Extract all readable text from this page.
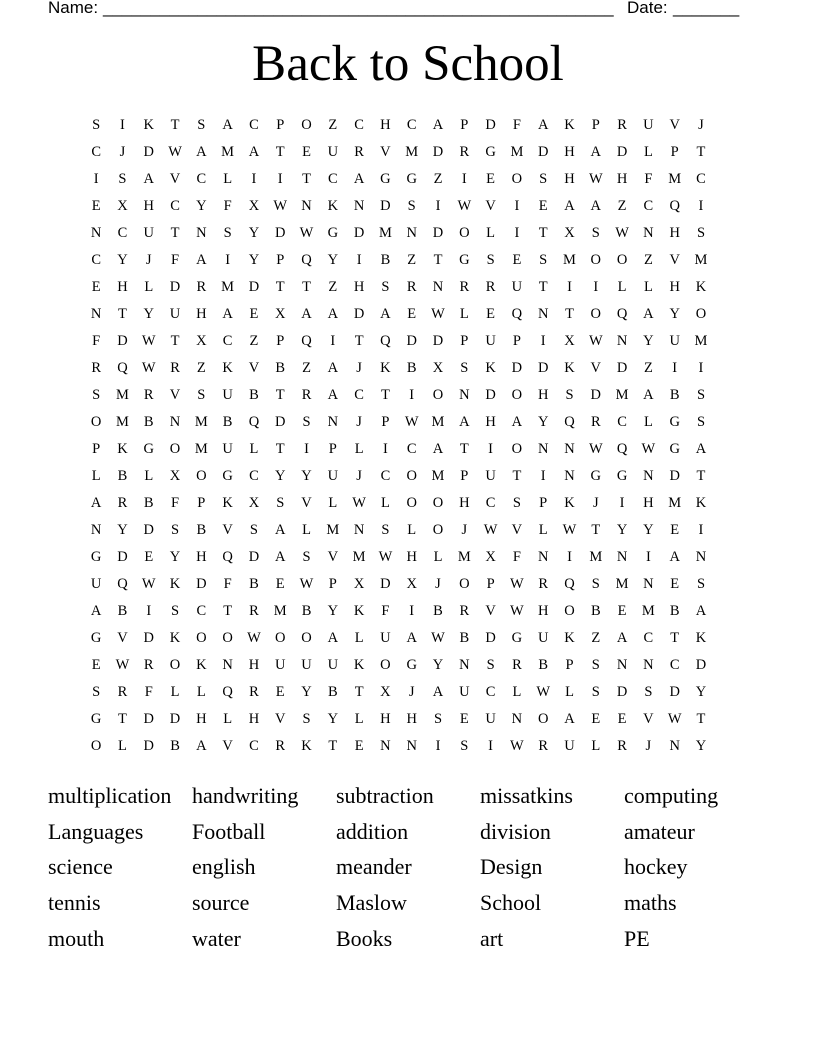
Name: ______________________________________________________ Date: _______
Back to School
S	I	K	T	S	A	C	P	O	Z	C	H	C	A	P	D	F	A	K	P	R	U	V	J
C	J	D W A	M	A	T	E	U	R	V	M	D	R	G	M	D	H	A	D	L	P	T
I	S	A	V	C	L	I	I	T	C	A	G	G	Z	I	E	O	S	H W H	F	M	C
E	X	H	C	Y	F	X W N	K	N	D	S	I	W V	I	E	A	A	Z	C	Q	I
N	C	U	T	N	S	Y	D W G	D	M	N	D	O	L	I	T	X	S	W N	H	S
C	Y	J	F	A	I	Y	P	Q	Y	I	B	Z	T	G	S	E	S	M	O	O	Z	V	M
E	H	L	D	R	M	D	T	T	Z	H	S	R	N	R	R	U	T	I	I	L	L	H	K
N	T	Y	U	H	A	E	X	A	A	D	A	E	W	L	E	Q	N	T	O	Q	A	Y	O
F	D W	T	X	C	Z	P	Q	I	T	Q	D	D	P	U	P	I	X W N	Y	U	M
R	Q W	R	Z	K	V	B	Z	A	J	K	B	X	S	K	D	D	K	V	D	Z	I	I
S	M	R	V	S	U	B	T	R	A	C	T	I	O	N	D	O	H	S	D	M	A	B	S
O	M	B	N	M	B	Q	D	S	N	J	P	W M	A	H	A	Y	Q	R	C	L	G	S
P	K	G	O	M	U	L	T	I	P	L	I	C	A	T	I	O	N	N W Q W G	A
L	B	L	X	O	G	C	Y	Y	U	J	C	O	M	P	U	T	I	N	G	G	N	D	T
A	R	B	F	P	K	X	S	V	L	W	L	O	O	H	C	S	P	K	J	I	H	M	K
N	Y	D	S	B	V	S	A	L	M	N	S	L	O	J	W V	L	W	T	Y	Y	E	I
G	D	E	Y	H	Q	D	A	S	V	M W H	L	M	X	F	N	I	M	N	I	A	N
U	Q W K	D	F	B	E	W	P	X	D	X	J	O	P	W	R	Q	S	M	N	E	S
A	B	I	S	C	T	R	M	B	Y	K	F	I	B	R	V W H	O	B	E	M	B	A
G	V	D	K	O	O W O	O	A	L	U	A W	B	D	G	U	K	Z	A	C	T	K
E	W	R	O	K	N	H	U	U	U	K	O	G	Y	N	S	R	B	P	S	N	N	C	D
S	R	F	L	L	Q	R	E	Y	B	T	X	J	A	U	C	L	W	L	S	D	S	D	Y
G	T	D	D	H	L	H	V	S	Y	L	H	H	S	E	U	N	O	A	E	E	V W	T
O	L	D	B	A	V	C	R	K	T	E	N	N	I	S	I	W	R	U	L	R	J	N	Y
multiplication handwriting	subtraction	missatkins	computing
Languages	Football	addition	division	amateur
science	english	meander	Design	hockey
tennis	source	Maslow	School	maths
mouth	water	Books	art	PE
